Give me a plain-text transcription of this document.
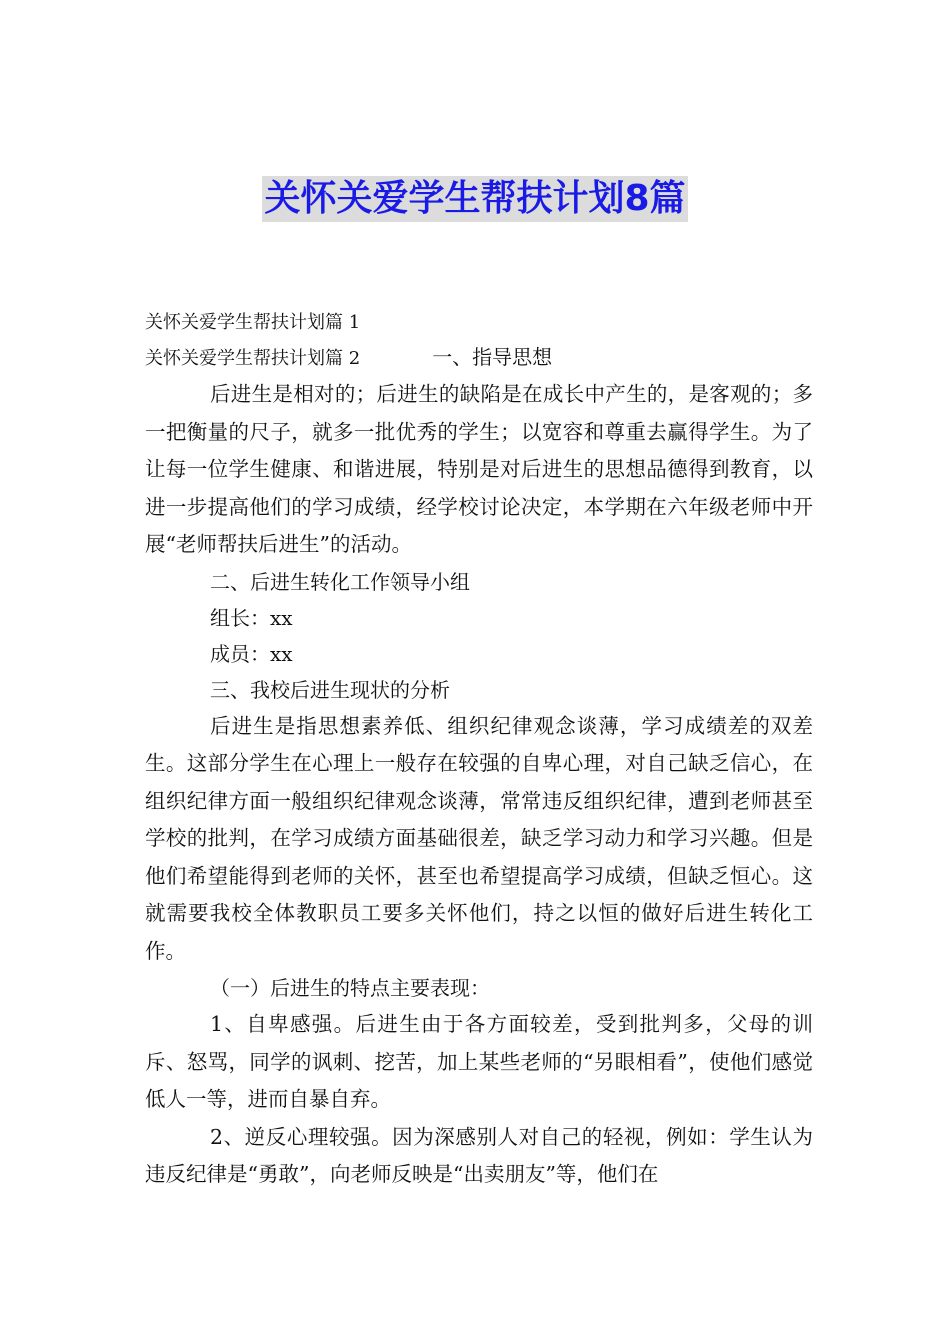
关怀关爱学生帮扶计划8篇
关怀关爱学生帮扶计划篇 1
关怀关爱学生帮扶计划篇 2	一、指导思想

后进生是相对的；后进生的缺陷是在成长中产生的，是客观的；多一把衡量的尺子，就多一批优秀的学生；以宽容和尊重去赢得学生。为了让每一位学生健康、和谐进展，特别是对后进生的思想品德得到教育，以进一步提高他们的学习成绩，经学校讨论决定，本学期在六年级老师中开展“老师帮扶后进生”的活动。

二、后进生转化工作领导小组
组长：xx
成员：xx
三、我校后进生现状的分析

后进生是指思想素养低、组织纪律观念谈薄，学习成绩差的双差生。这部分学生在心理上一般存在较强的自卑心理，对自己缺乏信心，在组织纪律方面一般组织纪律观念谈薄，常常违反组织纪律，遭到老师甚至学校的批判，在学习成绩方面基础很差，缺乏学习动力和学习兴趣。但是他们希望能得到老师的关怀，甚至也希望提高学习成绩，但缺乏恒心。这就需要我校全体教职员工要多关怀他们，持之以恒的做好后进生转化工作。

（一）后进生的特点主要表现：

1、自卑感强。后进生由于各方面较差，受到批判多，父母的训斥、怒骂，同学的讽刺、挖苦，加上某些老师的“另眼相看”，使他们感觉低人一等，进而自暴自弃。

2、逆反心理较强。因为深感别人对自己的轻视，例如：学生认为违反纪律是“勇敢”，向老师反映是“出卖朋友”等，他们在
